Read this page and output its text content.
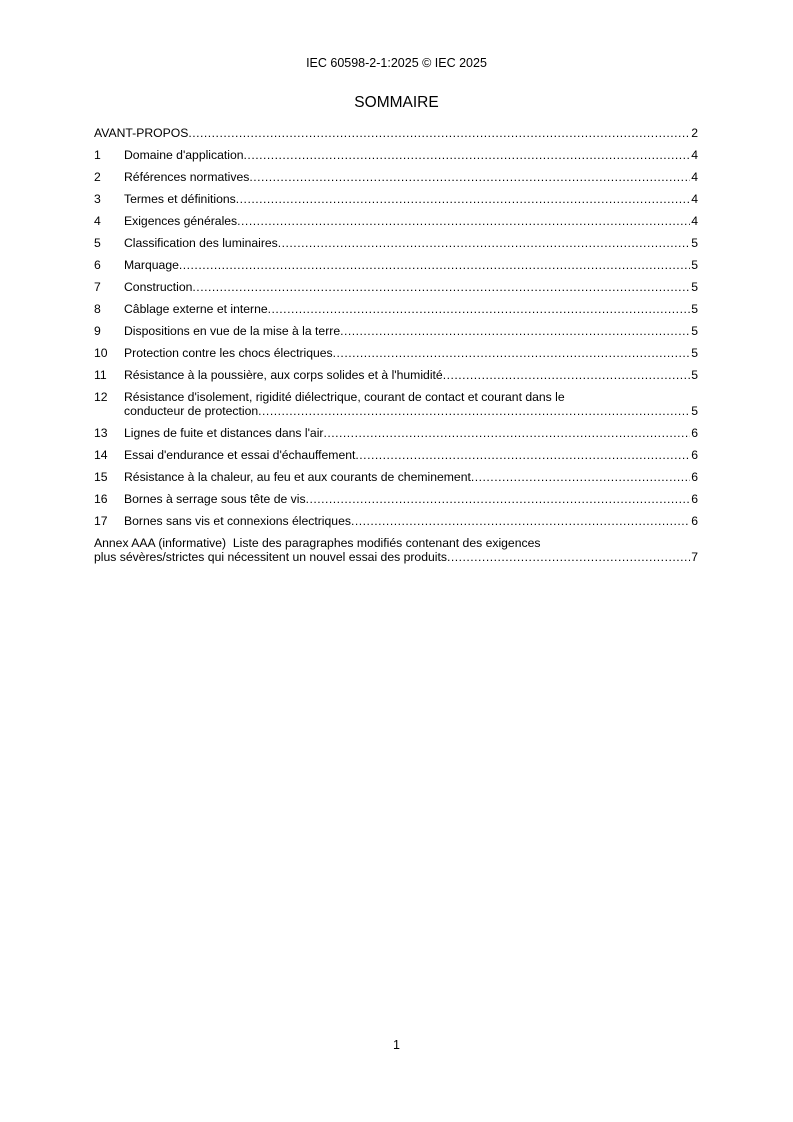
IEC 60598-2-1:2025 © IEC 2025
SOMMAIRE
AVANT-PROPOS .....	2
1	Domaine d'application .....	4
2	Références normatives .....	4
3	Termes et définitions .....	4
4	Exigences générales .....	4
5	Classification des luminaires .....	5
6	Marquage .....	5
7	Construction .....	5
8	Câblage externe et interne .....	5
9	Dispositions en vue de la mise à la terre .....	5
10	Protection contre les chocs électriques .....	5
11	Résistance à la poussière, aux corps solides et à l'humidité .....	5
12	Résistance d'isolement, rigidité diélectrique, courant de contact et courant dans le
conducteur de protection .....	5
13	Lignes de fuite et distances dans l'air .....	6
14	Essai d'endurance et essai d'échauffement .....	6
15	Résistance à la chaleur, au feu et aux courants de cheminement .....	6
16	Bornes à serrage sous tête de vis .....	6
17	Bornes sans vis et connexions électriques .....	6
Annex AAA (informative)  Liste des paragraphes modifiés contenant des exigences
plus sévères/strictes qui nécessitent un nouvel essai des produits .....	7
1
